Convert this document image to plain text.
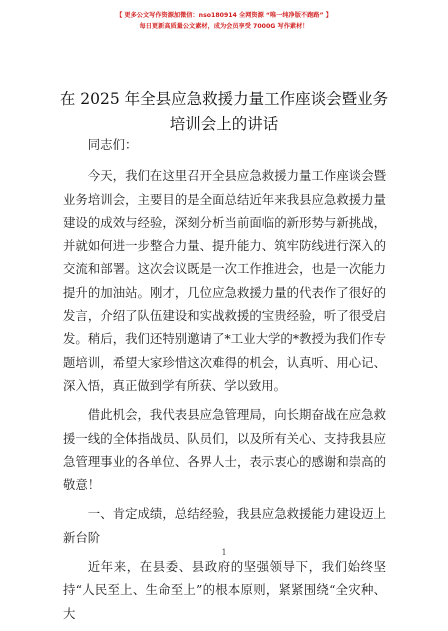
【 更多公文写作资源加微信：nso180914 全网资源 “唯一纯净版不跑路” 】
每日更新高质量公文素材，成为会员享受 7000G 写作素材！
在 2025 年全县应急救援力量工作座谈会暨业务
培训会上的讲话

同志们：

今天，我们在这里召开全县应急救援力量工作座谈会暨业务培训会，主要目的是全面总结近年来我县应急救援力量建设的成效与经验，深刻分析当前面临的新形势与新挑战，并就如何进一步整合力量、提升能力、筑牢防线进行深入的交流和部署。这次会议既是一次工作推进会，也是一次能力提升的加油站。刚才，几位应急救援力量的代表作了很好的发言，介绍了队伍建设和实战救援的宝贵经验，听了很受启发。稍后，我们还特别邀请了*工业大学的*教授为我们作专题培训，希望大家珍惜这次难得的机会，认真听、用心记、深入悟，真正做到学有所获、学以致用。

借此机会，我代表县应急管理局，向长期奋战在应急救援一线的全体指战员、队员们，以及所有关心、支持我县应急管理事业的各单位、各界人士，表示衷心的感谢和崇高的敬意！

一、肯定成绩，总结经验，我县应急救援能力建设迈上新台阶

近年来，在县委、县政府的坚强领导下，我们始终坚持“人民至上、生命至上”的根本原则，紧紧围绕“全灾种、大

1
